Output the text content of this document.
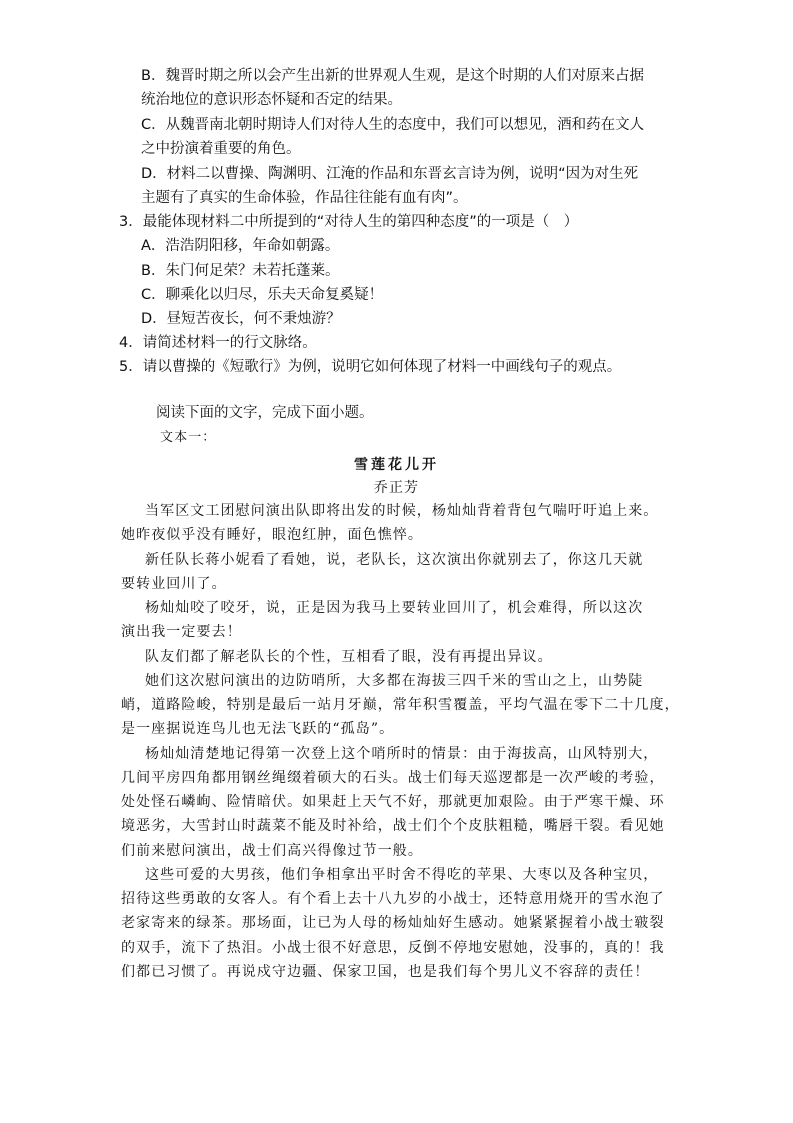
B．魏晋时期之所以会产生出新的世界观人生观，是这个时期的人们对原来占据
统治地位的意识形态怀疑和否定的结果。
C．从魏晋南北朝时期诗人们对待人生的态度中，我们可以想见，酒和药在文人
之中扮演着重要的角色。
D．材料二以曹操、陶渊明、江淹的作品和东晋玄言诗为例，说明“因为对生死
主题有了真实的生命体验，作品往往能有血有肉”。
3．最能体现材料二中所提到的“对待人生的第四种态度”的一项是（　）
A．浩浩阴阳移，年命如朝露。
B．朱门何足荣？未若托蓬莱。
C．聊乘化以归尽，乐夫天命复奚疑！
D．昼短苦夜长，何不秉烛游？
4．请简述材料一的行文脉络。
5．请以曹操的《短歌行》为例，说明它如何体现了材料一中画线句子的观点。
阅读下面的文字，完成下面小题。
文本一：
雪莲花儿开
乔正芳
当军区文工团慰问演出队即将出发的时候，杨灿灿背着背包气喘吁吁追上来。
她昨夜似乎没有睡好，眼泡红肿，面色憔悴。
新任队长蒋小妮看了看她，说，老队长，这次演出你就别去了，你这几天就
要转业回川了。
杨灿灿咬了咬牙，说，正是因为我马上要转业回川了，机会难得，所以这次
演出我一定要去！
队友们都了解老队长的个性，互相看了眼，没有再提出异议。
她们这次慰问演出的边防哨所，大多都在海拔三四千米的雪山之上，山势陡
峭，道路险峻，特别是最后一站月牙巅，常年积雪覆盖，平均气温在零下二十几度，
是一座据说连鸟儿也无法飞跃的“孤岛”。
杨灿灿清楚地记得第一次登上这个哨所时的情景：由于海拔高，山风特别大，
几间平房四角都用钢丝绳缀着硕大的石头。战士们每天巡逻都是一次严峻的考验，
处处怪石嶙峋、险情暗伏。如果赶上天气不好，那就更加艰险。由于严寒干燥、环
境恶劣，大雪封山时蔬菜不能及时补给，战士们个个皮肤粗糙，嘴唇干裂。看见她
们前来慰问演出，战士们高兴得像过节一般。
这些可爱的大男孩，他们争相拿出平时舍不得吃的苹果、大枣以及各种宝贝，
招待这些勇敢的女客人。有个看上去十八九岁的小战士，还特意用烧开的雪水泡了
老家寄来的绿茶。那场面，让已为人母的杨灿灿好生感动。她紧紧握着小战士皲裂
的双手，流下了热泪。小战士很不好意思，反倒不停地安慰她，没事的，真的！我
们都已习惯了。再说戍守边疆、保家卫国，也是我们每个男儿义不容辞的责任！
